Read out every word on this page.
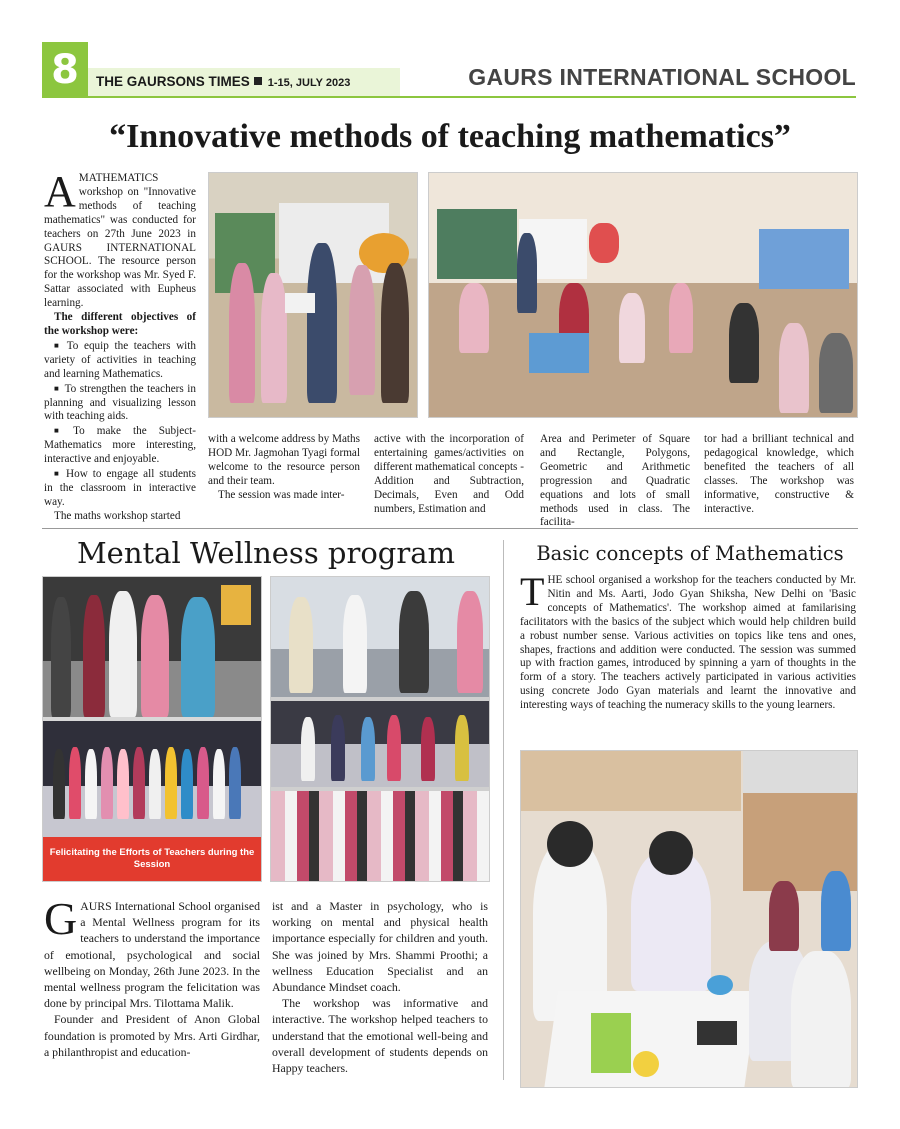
8	THE GAURSONS TIMES 1-15, JULY 2023	GAURS INTERNATIONAL SCHOOL
“Innovative methods of teaching mathematics”

AMATHEMATICS workshop on "Innovative methods of teaching mathematics" was conducted for teachers on 27th June 2023 in GAURS INTERNATIONAL SCHOOL. The resource person for the workshop was Mr. Syed F. Sattar associated with Eupheus learning.

The different objectives of the workshop were:

■ To equip the teachers with variety of activities in teaching and learning Mathematics.

■ To strengthen the teachers in planning and visualizing lesson with teaching aids.

■ To make the Subject- Mathematics more interesting, interactive and enjoyable.

■ How to engage all students in the classroom in interactive way.

The maths workshop started

with a welcome address by Maths HOD Mr. Jagmohan Tyagi formal welcome to the resource person and their team.

The session was made inter-

active with the incorporation of entertaining games/activities on different mathematical concepts - Addition and Subtraction, Decimals, Even and Odd numbers, Estimation and
Area and Perimeter of Square and Rectangle, Polygons, Geometric and Arithmetic progression and Quadratic equations and lots of small methods used in class. The facilita-
tor had a brilliant technical and pedagogical knowledge, which benefited the teachers of all classes. The workshop was informative, constructive & interactive.
Mental Wellness program
Felicitating the Efforts of Teachers during the Session

GAURS International School organised a Mental Wellness program for its teachers to understand the importance of emotional, psychological and social wellbeing on Monday, 26th June 2023. In the mental wellness program the felicitation was done by principal Mrs. Tilottama Malik.

Founder and President of Anon Global foundation is promoted by Mrs. Arti Girdhar, a philanthropist and education-

ist and a Master in psychology, who is working on mental and physical health importance especially for children and youth. She was joined by Mrs. Shammi Proothi; a wellness Education Specialist and an Abundance Mindset coach.

The workshop was informative and interactive. The workshop helped teachers to understand that the emotional well-being and overall development of students depends on Happy teachers.

Basic concepts of Mathematics

THE school organised a workshop for the teachers conducted by Mr. Nitin and Ms. Aarti, Jodo Gyan Shiksha, New Delhi on 'Basic concepts of Mathematics'. The workshop aimed at familarising facilitators with the basics of the subject which would help children build a robust number sense. Various activities on topics like tens and ones, shapes, fractions and addition were conducted. The session was summed up with fraction games, introduced by spinning a yarn of thoughts in the form of a story. The teachers actively participated in various activities using concrete Jodo Gyan materials and learnt the innovative and interesting ways of teaching the numeracy skills to the young learners.
